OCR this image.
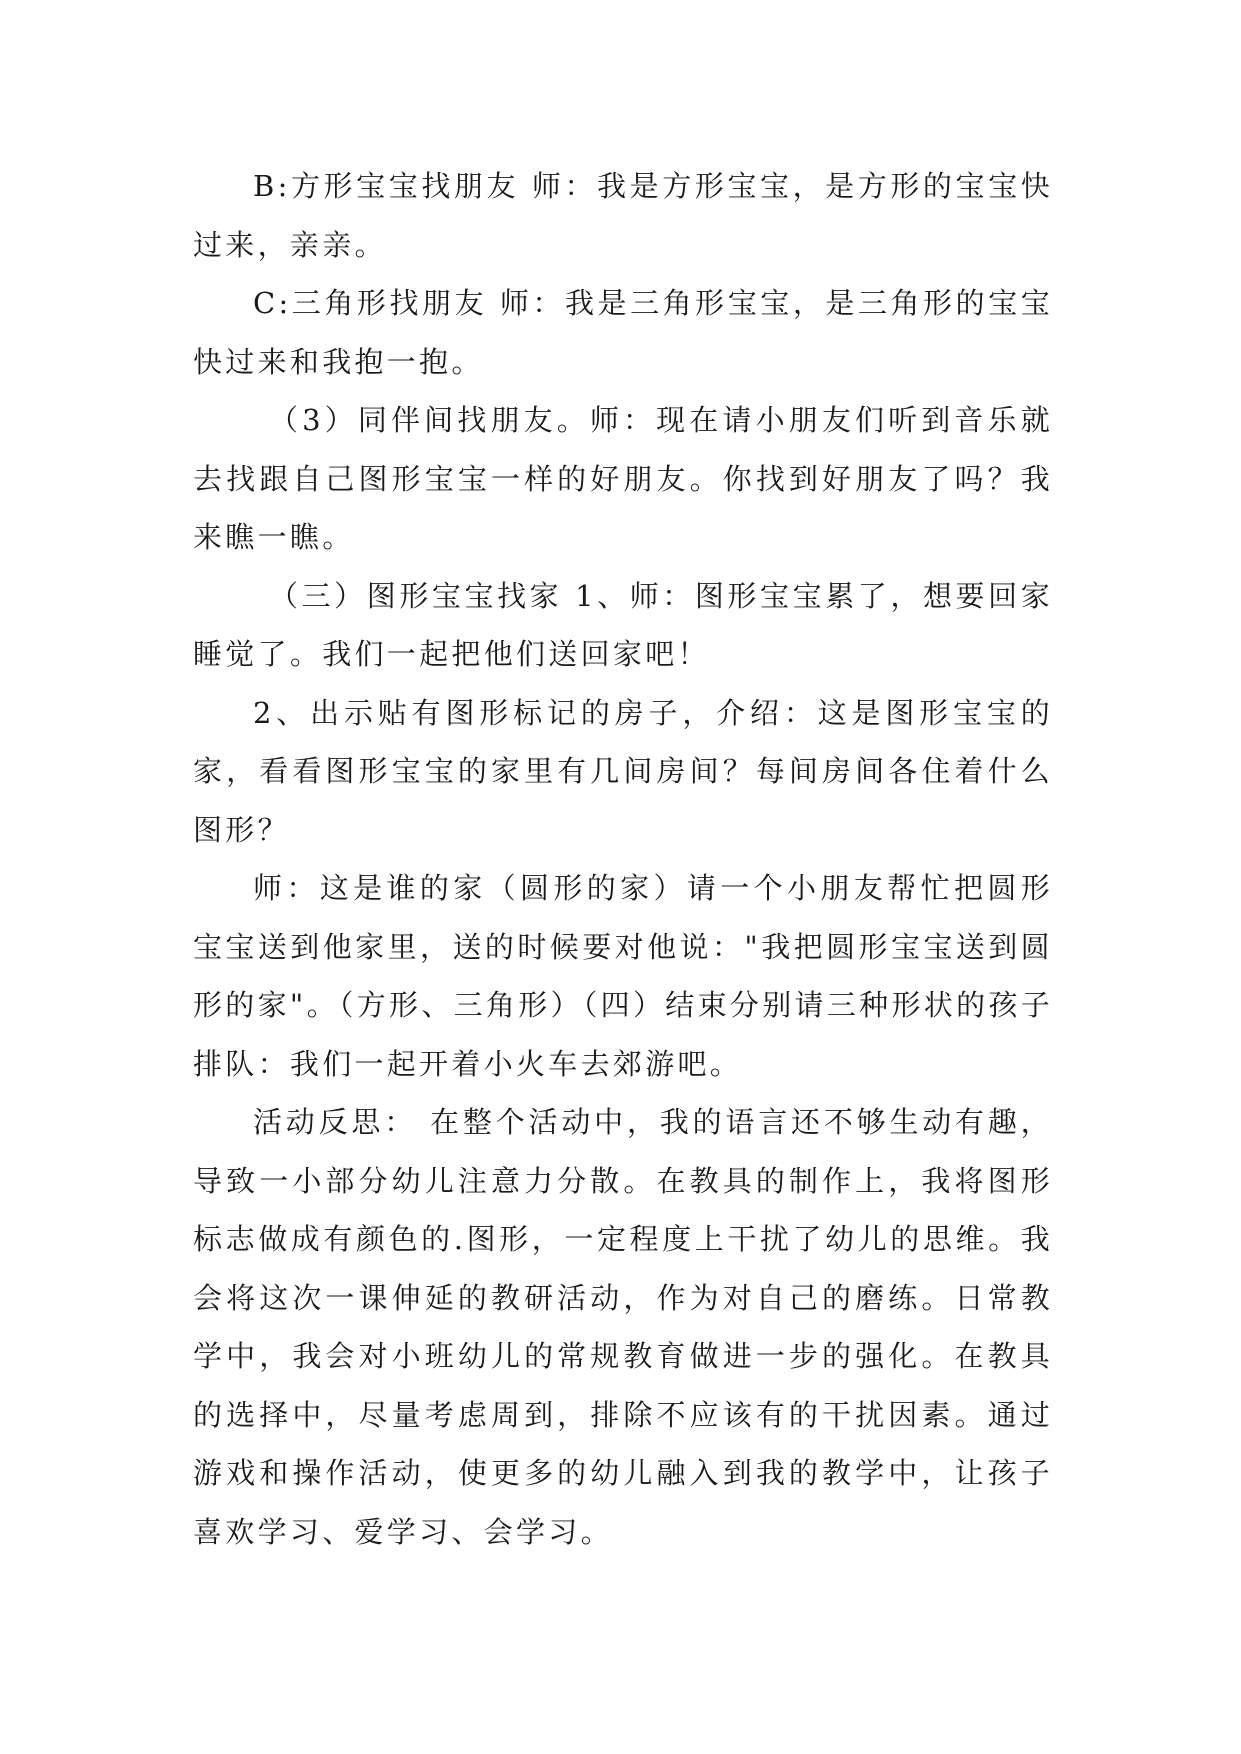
B:方形宝宝找朋友 师：我是方形宝宝，是方形的宝宝快过来，亲亲。

C:三角形找朋友 师：我是三角形宝宝，是三角形的宝宝快过来和我抱一抱。

（3）同伴间找朋友。师：现在请小朋友们听到音乐就去找跟自己图形宝宝一样的好朋友。你找到好朋友了吗？我来瞧一瞧。

（三）图形宝宝找家 1、师：图形宝宝累了，想要回家睡觉了。我们一起把他们送回家吧！

2、出示贴有图形标记的房子，介绍：这是图形宝宝的家，看看图形宝宝的家里有几间房间？每间房间各住着什么图形？

师：这是谁的家（圆形的家）请一个小朋友帮忙把圆形宝宝送到他家里，送的时候要对他说："我把圆形宝宝送到圆形的家"。（方形、三角形）（四）结束分别请三种形状的孩子排队：我们一起开着小火车去郊游吧。

活动反思： 在整个活动中，我的语言还不够生动有趣，导致一小部分幼儿注意力分散。在教具的制作上，我将图形标志做成有颜色的.图形，一定程度上干扰了幼儿的思维。我会将这次一课伸延的教研活动，作为对自己的磨练。日常教学中，我会对小班幼儿的常规教育做进一步的强化。在教具的选择中，尽量考虑周到，排除不应该有的干扰因素。通过游戏和操作活动，使更多的幼儿融入到我的教学中，让孩子喜欢学习、爱学习、会学习。
